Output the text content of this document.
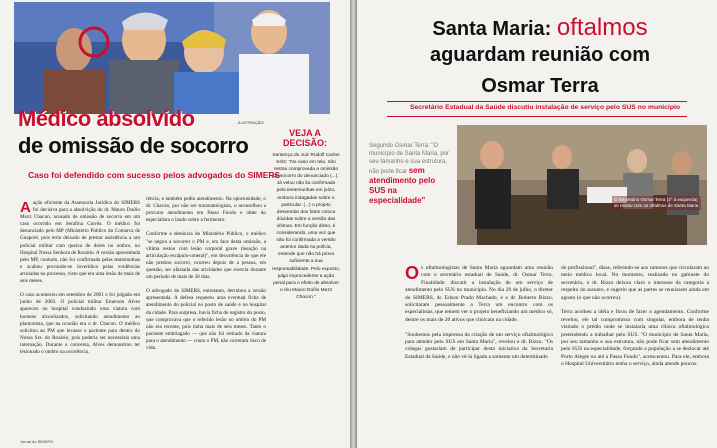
ILUSTRAÇÃO
Médico absolvido
de omissão de socorro
Caso foi defendido com sucesso pelos advogados do SIMERS
VEJA A DECISÃO:
Sentença do Juiz Rudolf Carlos Kritz: "No caso em tela, não restou comprovada a omissão de socorro do denunciado (...). Já velou não lia confirmada pela testemunhas em juízo, embora indagadas sobre o particular. (...) o projeto desvendar dos fatos coloca dúvidas sobre a versão das vítimas. Em função disso, é considerando, uma vez que não foi confirmada a versão anterior dada na polícia, entende que não há prova suficiente a sua responsabilidade. Pelo exposto, julgo improcedente a ação penal para o efeito de absolver o réu Mauro Duílio Mezz Chacon."
Aação eficiente da Assessoria Jurídica do SIMERS foi decisiva para a absolvição do dr. Mauro Duílio Mezz Chacon, acusado de omissão de socorro em um caso ocorrido em Serafina Corrêa. O médico foi denunciado pelo MP (Ministério Público da Comarca de Guaporé, pois teria deixado de prestar assistência a um policial militar com queixa de dores no ombro, no Hospital Nossa Senhora de Rosário. A versão apresentada pelo MP, contudo, não foi confirmada pelas testemunhas e acabou provando-se inverídica pelas evidências arroladas no processo, visto que era uma lesão de mais de seis meses.

O caso aconteceu em setembro de 2001 e foi julgado em junho de 2003. O policial militar Emerson Alves apareceu no hospital conduzindo uma viatura com homens alcoolizados, solicitando atendimento ao plantonista, que na ocasião era o dr. Chacon. O médico solicitou ao PM que levasse o paciente para dentro do Nossa Sra. do Rosário, pois poderia ser necessária uma internação. Durante a conversa, Alves demonstrou ter lesionado o ombro na ocorrência.
rência, e também pediu atendimento. Na oportunidade, o dr. Chacon, por não ser traumatologista, o aconselhou a procurar atendimento em Passo Fundo e obter do especialista o laudo sobre a ferimento.

Conforme a denúncia do Ministério Público, o médico "se negou a socorrer o PM e, em face desta omissão, a vítima restou com lesão corporal grave (lesação na articulação escápulo-umeral)", em decorrência de que ele não prestou socorro, ocorreu depois de a pessoa, em questão, ser afastada das atividades que exercia durante um período de mais de 30 dias.

O advogado do SIMERS, entretanto, derrubou a versão apresentada. A defesa requereu uma eventual ficha de atendimento do policial no posto de saúde e no hospital da cidade. Para surpresa, havia ficha de registro do posto, que comprovava que o referido lesão no ombro do PM não era recente, pois tinha mais de seis meses. Tanto o paciente embriagado — que não foi retirado da viatura para o atendimento — como o PM, não correram risco de vida.
Jornal do SIMERS
Santa Maria: oftalmos
aguardam reunião com
Osmar Terra
Secretário Estadual da Saúde discutiu instalação de serviço pelo SUS no município
Segundo Osmar Terra: "O município de Santa Maria, por seu tamanho e sua estrutura, não pode ficar sem atendimento pelo SUS na especialidade"	O Secretário Osmar Terra (1º à esquerda) se reuniu com os oftalmos de Santa Maria
Os oftalmologistas de Santa Maria aguardam uma reunião com o secretário estadual de Saúde, dr. Osmar Terra. Finalidade: discutir a instalação de um serviço de atendimento pelo SUS no município. No dia 29 de julho, o diretor do SIMERS, dr. Edson Prado Machado, e o dr. Roberto Rizzo, solicitaram pessoalmente a Terra um encontro com os especialistas, que temem ver o projeto beneficiando um médico só, dentre os mais de 20 ativos que clinicam na cidade.

"Soubemos pela imprensa da criação de um serviço oftalmológico para atender pelo SUS em Santa Maria", revelou o dr. Rizzo. "Os colegas gostariam de participar desta iniciativa da Secretaria Estadual da Saúde, e não vê-la ligada a somente um determinado
do profissional", disse, referindo-se aos rumores que circularam no meio médico local. No momento, realizado no gabinete do secretário, o dr. Rizzo deixou claro o interesse da categoria a respeito do assunto, e sugeriu que as partes se reunissem ainda em agosto (o que não ocorreu).

Terra acolheu a idéia e ficou de fazer o agendamento. Conforme revelou, ele tal compromisso com singular, embora de tenha visitado o prédio onde se instalaria uma clínica oftalmológica pretendendo a trabalhar pelo SUS. "O município de Santa Maria, por seu tamanho e sua estrutura, não pode ficar sem atendimento pelo SUS na especialidade, forçando a população a se deslocar até Porto Alegre ou até a Passo Fundo", acrescentou. Para ele, embora o Hospital Universitário tenha o serviço, ainda atende poucos.
